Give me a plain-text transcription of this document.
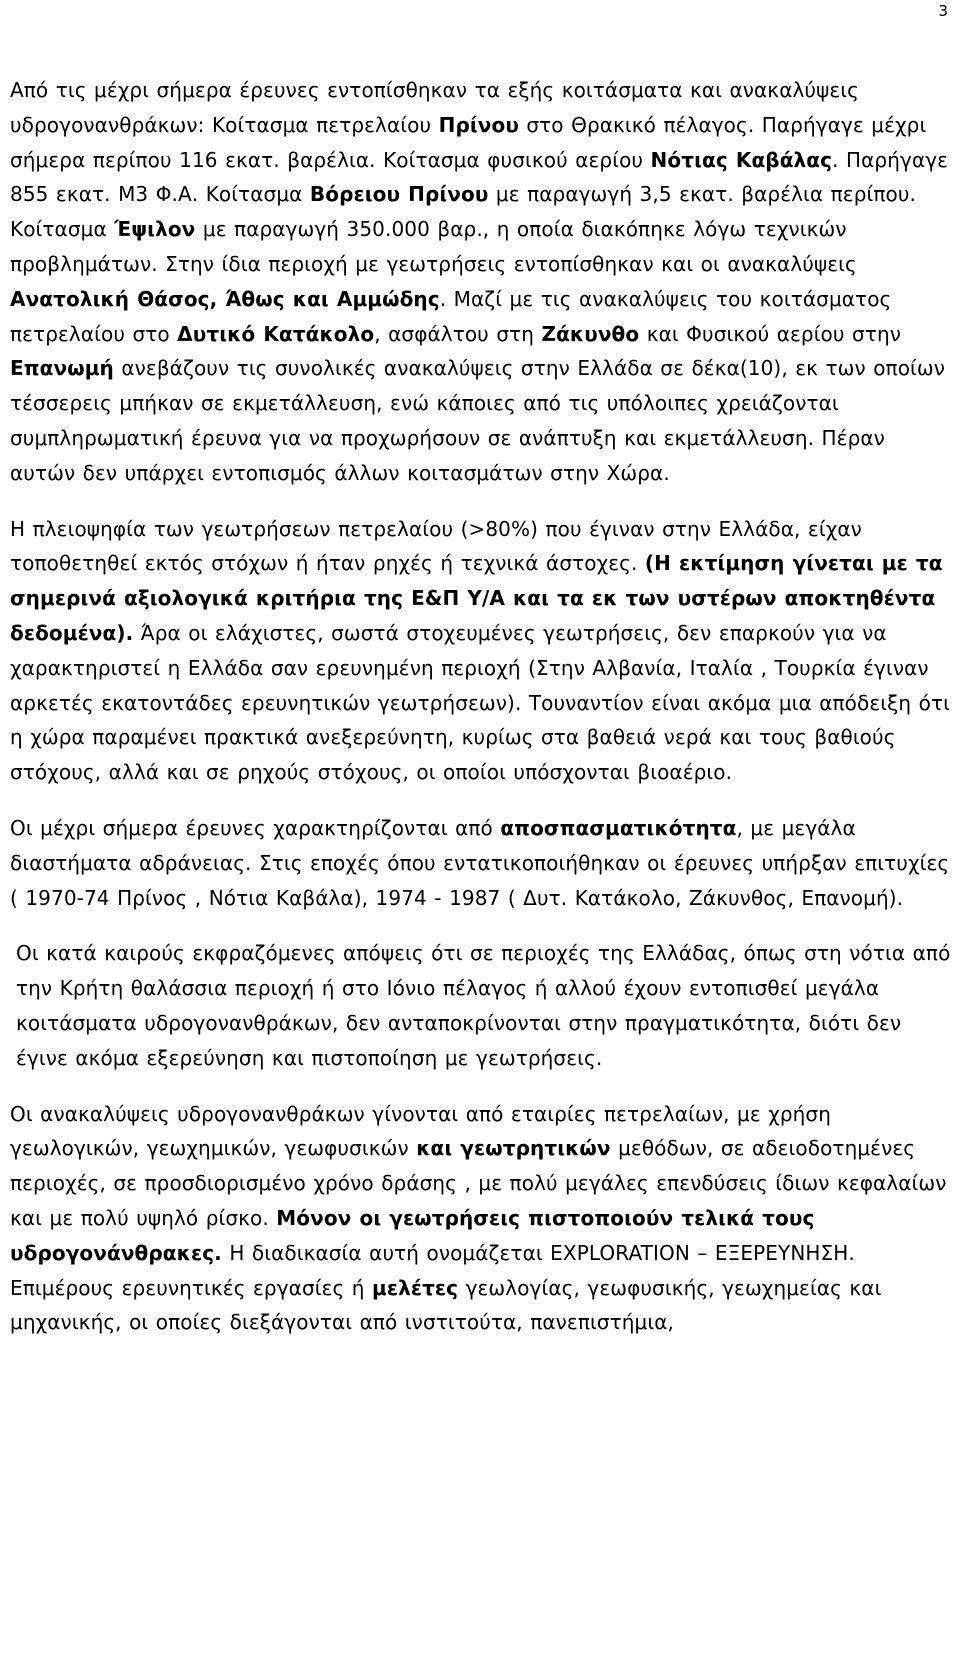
3

Από τις μέχρι σήμερα έρευνες εντοπίσθηκαν τα εξής κοιτάσματα και ανακαλύψεις υδρογονανθράκων: Κοίτασμα πετρελαίου Πρίνου στο Θρακικό πέλαγος. Παρήγαγε μέχρι σήμερα περίπου 116 εκατ. βαρέλια. Κοίτασμα φυσικού αερίου Νότιας Καβάλας. Παρήγαγε 855 εκατ. Μ3 Φ.Α. Κοίτασμα Βόρειου Πρίνου με παραγωγή 3,5 εκατ. βαρέλια περίπου. Κοίτασμα Έψιλον με παραγωγή 350.000 βαρ., η οποία διακόπηκε λόγω τεχνικών προβλημάτων. Στην ίδια περιοχή με γεωτρήσεις εντοπίσθηκαν και οι ανακαλύψεις Ανατολική Θάσος, Άθως και Αμμώδης. Μαζί με τις ανακαλύψεις του κοιτάσματος πετρελαίου στο Δυτικό Κατάκολο, ασφάλτου στη Ζάκυνθο και Φυσικού αερίου στην Επανωμή ανεβάζουν τις συνολικές ανακαλύψεις στην Ελλάδα σε δέκα(10), εκ των οποίων τέσσερεις μπήκαν σε εκμετάλλευση, ενώ κάποιες από τις υπόλοιπες χρειάζονται συμπληρωματική έρευνα για να προχωρήσουν σε ανάπτυξη και εκμετάλλευση. Πέραν αυτών δεν υπάρχει εντοπισμός άλλων κοιτασμάτων στην Χώρα.

Η πλειοψηφία των γεωτρήσεων πετρελαίου (>80%) που έγιναν στην Ελλάδα, είχαν τοποθετηθεί εκτός στόχων ή ήταν ρηχές ή τεχνικά άστοχες. (Η εκτίμηση γίνεται με τα σημερινά αξιολογικά κριτήρια της Ε&Π Υ/Α και τα εκ των υστέρων αποκτηθέντα δεδομένα). Άρα οι ελάχιστες, σωστά στοχευμένες γεωτρήσεις, δεν επαρκούν για να χαρακτηριστεί η Ελλάδα σαν ερευνημένη περιοχή (Στην Αλβανία, Ιταλία , Τουρκία έγιναν αρκετές εκατοντάδες ερευνητικών γεωτρήσεων). Τουναντίον είναι ακόμα μια απόδειξη ότι η χώρα παραμένει πρακτικά ανεξερεύνητη, κυρίως στα βαθειά νερά και τους βαθιούς στόχους, αλλά και σε ρηχούς στόχους, οι οποίοι υπόσχονται βιοαέριο.

Οι μέχρι σήμερα έρευνες χαρακτηρίζονται από αποσπασματικότητα, με μεγάλα διαστήματα αδράνειας. Στις εποχές όπου εντατικοποιήθηκαν οι έρευνες υπήρξαν επιτυχίες ( 1970-74 Πρίνος , Νότια Καβάλα), 1974 - 1987 ( Δυτ. Κατάκολο, Ζάκυνθος, Επανομή).

Οι κατά καιρούς εκφραζόμενες απόψεις ότι σε περιοχές της Ελλάδας, όπως στη νότια από την Κρήτη θαλάσσια περιοχή ή στο Ιόνιο πέλαγος ή αλλού έχουν εντοπισθεί μεγάλα κοιτάσματα υδρογονανθράκων, δεν ανταποκρίνονται στην πραγματικότητα, διότι δεν έγινε ακόμα εξερεύνηση και πιστοποίηση με γεωτρήσεις.

Οι ανακαλύψεις υδρογονανθράκων γίνονται από εταιρίες πετρελαίων, με χρήση γεωλογικών, γεωχημικών, γεωφυσικών και γεωτρητικών μεθόδων, σε αδειοδοτημένες περιοχές, σε προσδιορισμένο χρόνο δράσης , με πολύ μεγάλες επενδύσεις ίδιων κεφαλαίων και με πολύ υψηλό ρίσκο. Μόνον οι γεωτρήσεις πιστοποιούν τελικά τους υδρογονάνθρακες. Η διαδικασία αυτή ονομάζεται EXPLORATION – ΕΞΕΡΕΥΝΗΣΗ. Επιμέρους ερευνητικές εργασίες ή μελέτες γεωλογίας, γεωφυσικής, γεωχημείας και μηχανικής, οι οποίες διεξάγονται από ινστιτούτα, πανεπιστήμια,
